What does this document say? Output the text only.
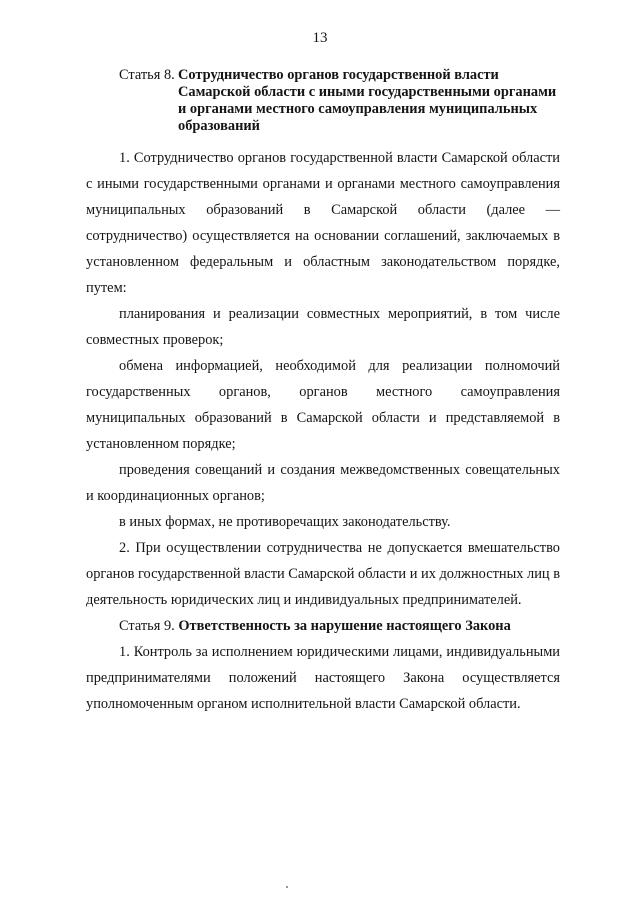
13
Статья 8. Сотрудничество органов государственной власти Самарской области с иными государственными органами и органами местного самоуправления муниципальных образований

1. Сотрудничество органов государственной власти Самарской области с иными государственными органами и органами местного самоуправления муниципальных образований в Самарской области (далее — сотрудничество) осуществляется на основании соглашений, заключаемых в установленном федеральным и областным законодательством порядке, путем:

планирования и реализации совместных мероприятий, в том числе совместных проверок;

обмена информацией, необходимой для реализации полномочий государственных органов, органов местного самоуправления муниципальных образований в Самарской области и представляемой в установленном порядке;

проведения совещаний и создания межведомственных совещательных и координационных органов;

в иных формах, не противоречащих законодательству.

2. При осуществлении сотрудничества не допускается вмешательство органов государственной власти Самарской области и их должностных лиц в деятельность юридических лиц и индивидуальных предпринимателей.

Статья 9. Ответственность за нарушение настоящего Закона

1. Контроль за исполнением юридическими лицами, индивидуальными предпринимателями положений настоящего Закона осуществляется уполномоченным органом исполнительной власти Самарской области.
